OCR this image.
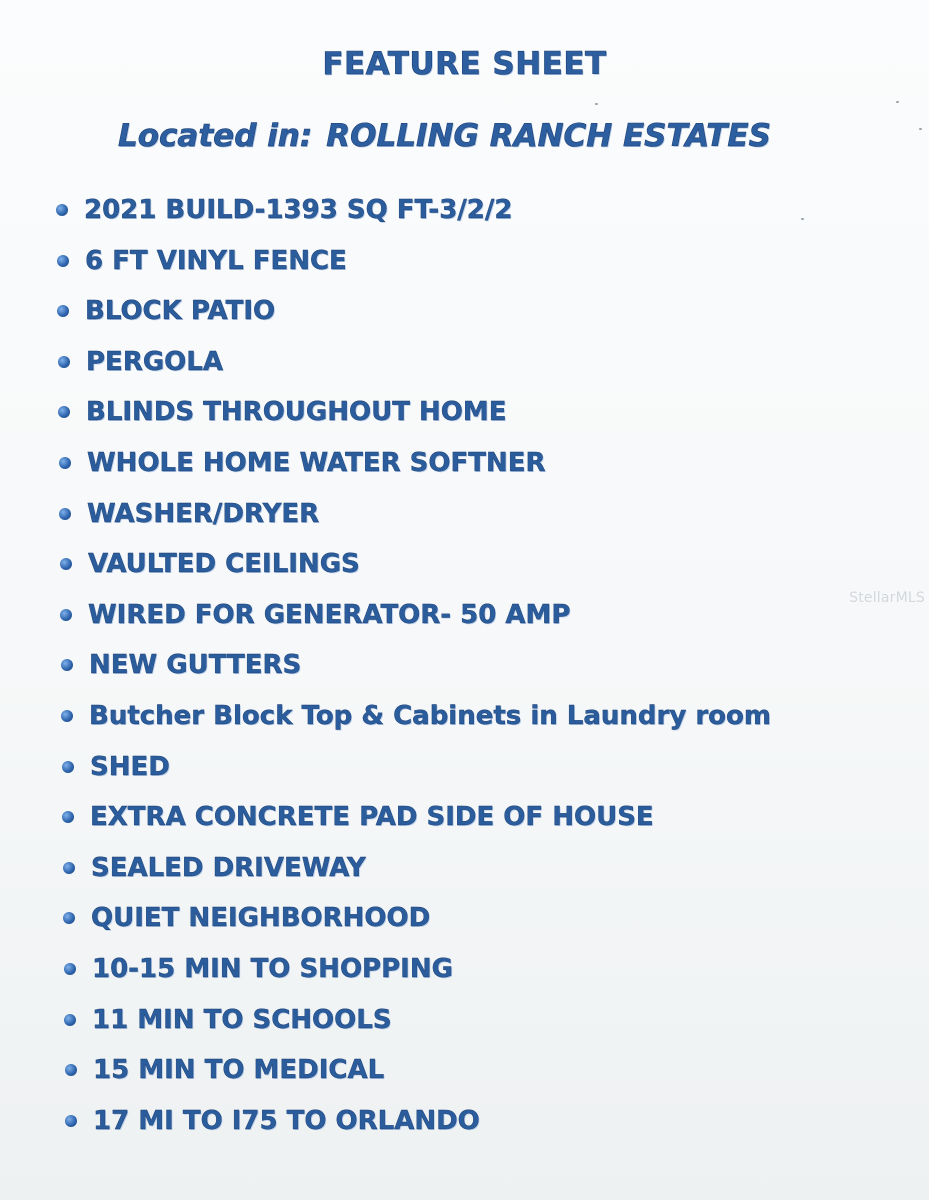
FEATURE SHEET
Located in: ROLLING RANCH ESTATES
2021 BUILD-1393 SQ FT-3/2/2
6 FT VINYL FENCE
BLOCK PATIO
PERGOLA
BLINDS THROUGHOUT HOME
WHOLE HOME WATER SOFTNER
WASHER/DRYER
VAULTED CEILINGS
WIRED FOR GENERATOR- 50 AMP
NEW GUTTERS
Butcher Block Top & Cabinets in Laundry room
SHED
EXTRA CONCRETE PAD SIDE OF HOUSE
SEALED DRIVEWAY
QUIET NEIGHBORHOOD
10-15 MIN TO SHOPPING
11 MIN TO SCHOOLS
15 MIN TO MEDICAL
17 MI TO I75 TO ORLANDO
StellarMLS
